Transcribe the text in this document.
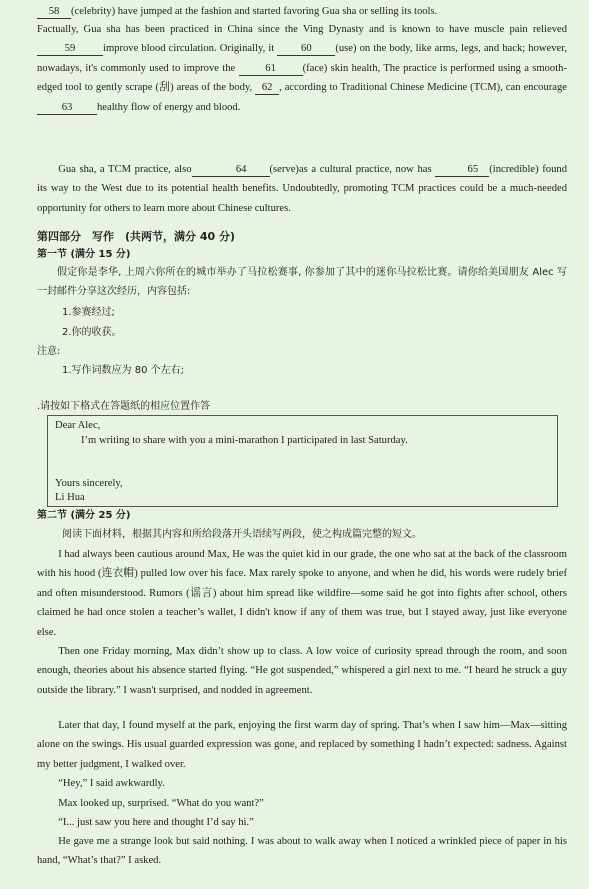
58 (celebrity) have jumped at the fashion and started favoring Gua sha or selling its tools.
Factually, Gua sha has been practiced in China since the Ving Dynasty and is known to have muscle pain relieved59	improve blood circulation. Originally, it 60 (use) on the body, like arms, legs, and back; however, nowadays, it's commonly used to improve the	61	(face) skin health, The practice is performed using a smooth-edged tool to gently scrape (刮) areas of the body, 62 , according to Traditional Chinese Medicine (TCM), can encourage 63 healthy flow of energy and blood.
Gua sha, a TCM practice, also	64 (serve)as a cultural practice, now has	65 (incredible) found its way to the West due to its potential health benefits. Undoubtedly, promoting TCM practices could be a much-needed opportunity for others to learn more about Chinese cultures.
第四部分　写作　(共两节，满分 40 分)
第一节 (满分 15 分)
假定你是李华, 上周六你所在的城市举办了马拉松赛事, 你参加了其中的迷你马拉松比赛。请你给美国朋友 Alec 写一封邮件分享这次经历，内容包括:
1.参赛经过;
2.你的收获。
注意:
1.写作词数应为 80 个左右;
.请按如下格式在答题纸的相应位置作答
Dear Alec,
I’m writing to share with you a mini-marathon I participated in last Saturday.
Yours sincerely,
Li Hua
第二节 (满分 25 分)
阅读下面材料，根据其内容和所给段落开头语续写两段，使之构成篇完整的短文。
I had always been cautious around Max, He was the quiet kid in our grade, the one who sat at the back of the classroom with his hood (连衣帽) pulled low over his face. Max rarely spoke to anyone, and when he did, his words were rudely brief and often misunderstood. Rumors (谣言) about him spread like wildfire—some said he got into fights after school, others claimed he had once stolen a teacher’s wallet, I didn't know if any of them was true, but I stayed away, just like everyone else.
Then one Friday morning, Max didn’t show up to class. A low voice of curiosity spread through the room, and soon enough, theories about his absence started flying. “He got suspended,” whispered a girl next to me. “I heard he struck a guy outside the library.” I wasn't surprised, and nodded in agreement.
Later that day, I found myself at the park, enjoying the first warm day of spring. That’s when I saw him—Max—sitting alone on the swings. His usual guarded expression was gone, and replaced by something I hadn’t expected: sadness. Against my better judgment, I walked over.
“Hey,” I said awkwardly.
Max looked up, surprised. “What do you want?”
“I... just saw you here and thought I’d say hi.”
He gave me a strange look but said nothing. I was about to walk away when I noticed a wrinkled piece of paper in his hand, “What’s that?” I asked.
